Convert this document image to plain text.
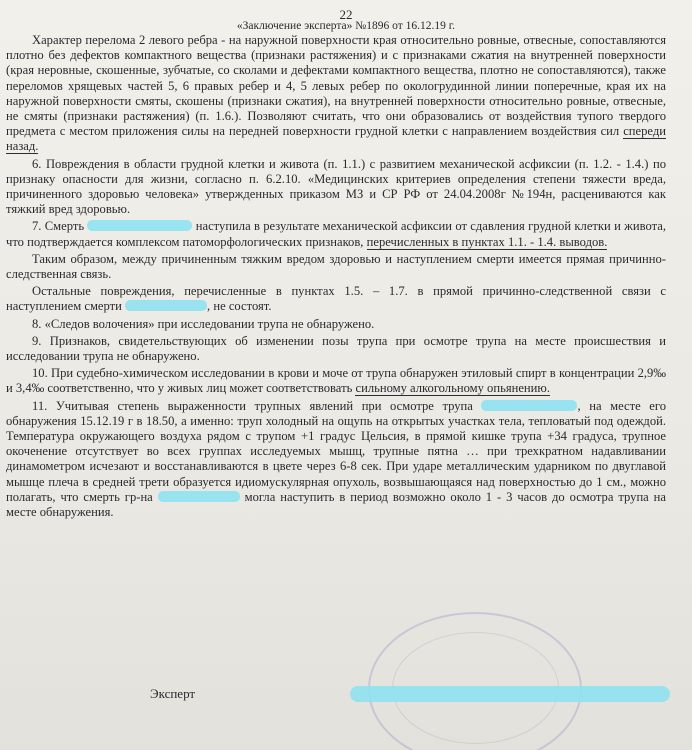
22
«Заключение эксперта» №1896 от 16.12.19 г.

Характер перелома 2 левого ребра - на наружной поверхности края относительно ровные, отвесные, сопоставляются плотно без дефектов компактного вещества (признаки растяжения) и с признаками сжатия на внутренней поверхности (края неровные, скошенные, зубчатые, со сколами и дефектами компактного вещества, плотно не сопоставляются), также переломов хрящевых частей 5, 6 правых ребер и 4, 5 левых ребер по окологрудинной линии поперечные, края их на наружной поверхности смяты, скошены (признаки сжатия), на внутренней поверхности относительно ровные, отвесные, не смяты (признаки растяжения) (п. 1.6.). Позволяют считать, что они образовались от воздействия тупого твердого предмета с местом приложения силы на передней поверхности грудной клетки с направлением воздействия сил спереди назад.

6. Повреждения в области грудной клетки и живота (п. 1.1.) с развитием механической асфиксии (п. 1.2. - 1.4.) по признаку опасности для жизни, согласно п. 6.2.10. «Медицинских критериев определения степени тяжести вреда, причиненного здоровью человека» утвержденных приказом МЗ и СР РФ от 24.04.2008г №194н, расцениваются как тяжкий вред здоровью.

7. Смерть	наступила в результате механической асфиксии от сдавления грудной клетки и живота, что подтверждается комплексом патоморфологических признаков, перечисленных в пунктах 1.1. - 1.4. выводов.

Таким образом, между причиненным тяжким вредом здоровью и наступлением смерти имеется прямая причинно-следственная связь.

Остальные повреждения, перечисленные в пунктах 1.5. – 1.7. в прямой причинно-следственной связи с наступлением смерти	, не состоят.

8. «Следов волочения» при исследовании трупа не обнаружено.

9. Признаков, свидетельствующих об изменении позы трупа при осмотре трупа на месте происшествия и исследовании трупа не обнаружено.

10. При судебно-химическом исследовании в крови и моче от трупа обнаружен этиловый спирт в концентрации 2,9‰ и 3,4‰ соответственно, что у живых лиц может соответствовать сильному алкогольному опьянению.

11. Учитывая степень выраженности трупных явлений при осмотре трупа	, на месте его обнаружения 15.12.19 г в 18.50, а именно: труп холодный на ощупь на открытых участках тела, тепловатый под одеждой. Температура окружающего воздуха рядом с трупом +1 градус Цельсия, в прямой кишке трупа +34 градуса, трупное окоченение отсутствует во всех группах исследуемых мышц, трупные пятна … при трехкратном надавливании динамометром исчезают и восстанавливаются в цвете через 6-8 сек. При ударе металлическим ударником по двуглавой мышце плеча в средней трети образуется идиомускулярная опухоль, возвышающаяся над поверхностью до 1 см., можно полагать, что смерть гр-на	могла наступить в период возможно около 1 - 3 часов до осмотра трупа на месте обнаружения.

Эксперт
